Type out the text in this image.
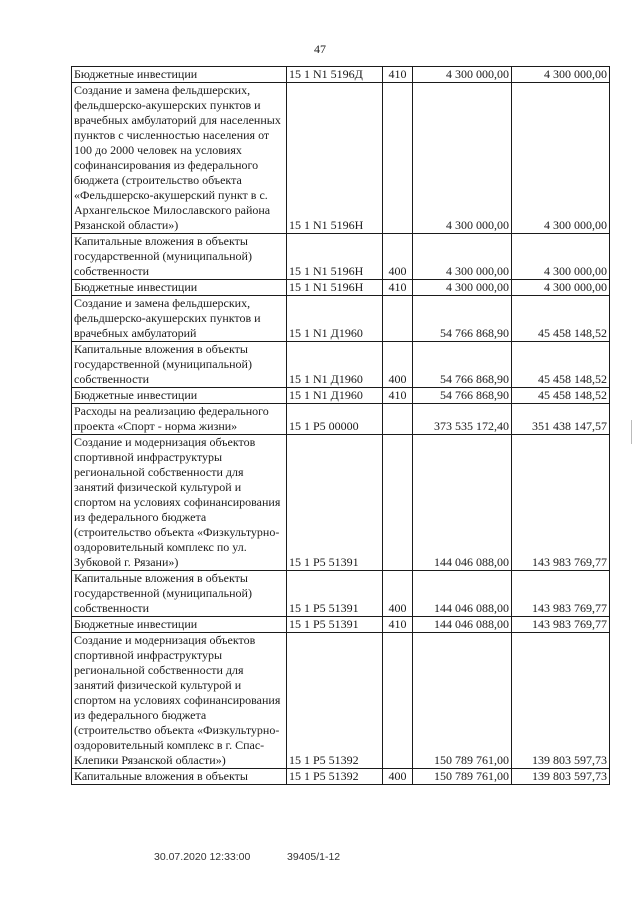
47
Бюджетные инвестиции	15 1 N1 5196Д	410	4 300 000,00	4 300 000,00
Создание и замена фельдшерских, фельдшерско-акушерских пунктов и врачебных амбулаторий для населенных пунктов с численностью населения от 100 до 2000 человек на условиях софинансирования из федерального бюджета (строительство объекта «Фельдшерско-акушерский пункт в с. Архангельское Милославского района Рязанской области»)	15 1 N1 5196Н		4 300 000,00	4 300 000,00
Капитальные вложения в объекты государственной (муниципальной) собственности	15 1 N1 5196Н	400	4 300 000,00	4 300 000,00
Бюджетные инвестиции	15 1 N1 5196Н	410	4 300 000,00	4 300 000,00
Создание и замена фельдшерских, фельдшерско-акушерских пунктов и врачебных амбулаторий	15 1 N1 Д1960		54 766 868,90	45 458 148,52
Капитальные вложения в объекты государственной (муниципальной) собственности	15 1 N1 Д1960	400	54 766 868,90	45 458 148,52
Бюджетные инвестиции	15 1 N1 Д1960	410	54 766 868,90	45 458 148,52
Расходы на реализацию федерального проекта «Спорт - норма жизни»	15 1 P5 00000		373 535 172,40	351 438 147,57
Создание и модернизация объектов спортивной инфраструктуры региональной собственности для занятий физической культурой и спортом на условиях софинансирования из федерального бюджета (строительство объекта «Физкультурно-оздоровительный комплекс по ул. Зубковой г. Рязани»)	15 1 P5 51391		144 046 088,00	143 983 769,77
Капитальные вложения в объекты государственной (муниципальной) собственности	15 1 P5 51391	400	144 046 088,00	143 983 769,77
Бюджетные инвестиции	15 1 P5 51391	410	144 046 088,00	143 983 769,77
Создание и модернизация объектов спортивной инфраструктуры региональной собственности для занятий физической культурой и спортом на условиях софинансирования из федерального бюджета (строительство объекта «Физкультурно-оздоровительный комплекс в г. Спас-Клепики Рязанской области»)	15 1 P5 51392		150 789 761,00	139 803 597,73
Капитальные вложения в объекты	15 1 P5 51392	400	150 789 761,00	139 803 597,73
30.07.2020 12:33:00	39405/1-12
